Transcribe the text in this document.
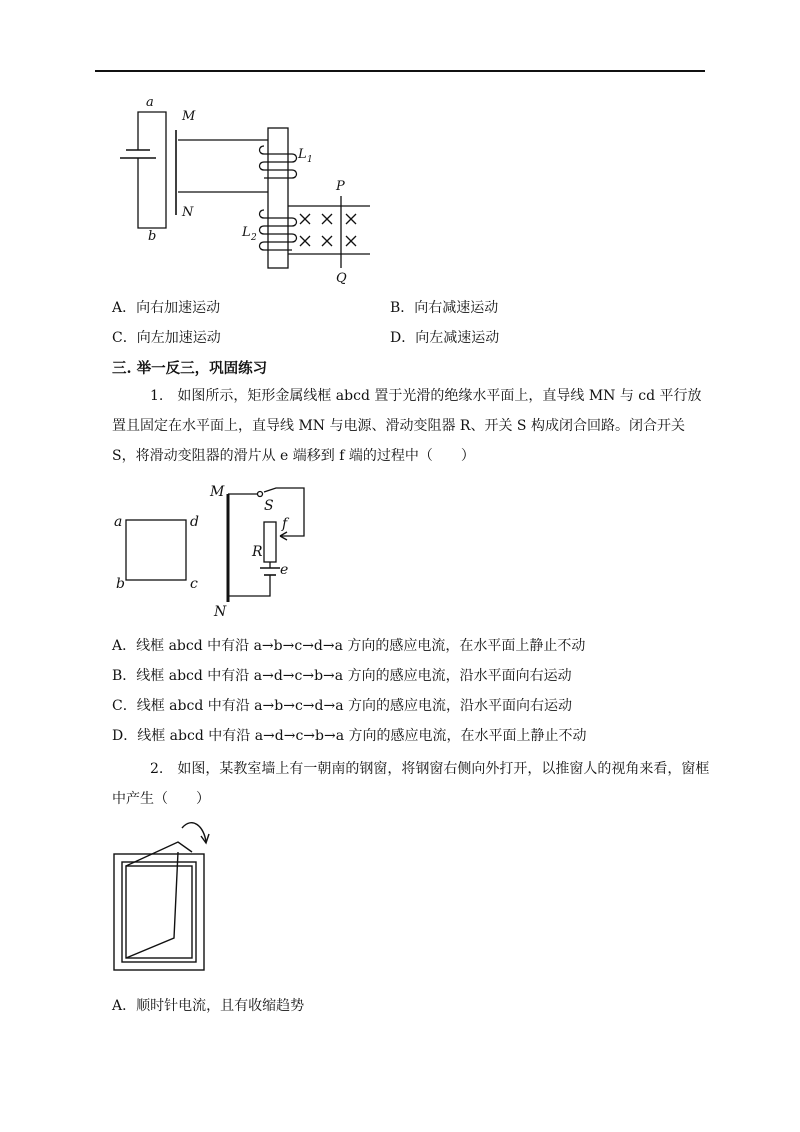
a
b
M
N
L 1
L 2
P
Q
A．向右加速运动	B．向右减速运动
C．向左加速运动	D．向左减速运动
三. 举一反三，巩固练习
1.　如图所示，矩形金属线框 abcd 置于光滑的绝缘水平面上，直导线 MN 与 cd 平行放置且固定在水平面上，直导线 MN 与电源、滑动变阻器 R、开关 S 构成闭合回路。闭合开关 S，将滑动变阻器的滑片从 e 端移到 f 端的过程中（　　）
a
b	c
d
M
N
S
R
f
e
A．线框 abcd 中有沿 a→b→c→d→a 方向的感应电流，在水平面上静止不动
B．线框 abcd 中有沿 a→d→c→b→a 方向的感应电流，沿水平面向右运动
C．线框 abcd 中有沿 a→b→c→d→a 方向的感应电流，沿水平面向右运动
D．线框 abcd 中有沿 a→d→c→b→a 方向的感应电流，在水平面上静止不动
2.　如图，某教室墙上有一朝南的钢窗，将钢窗右侧向外打开，以推窗人的视角来看，窗框中产生（　　）
A．顺时针电流，且有收缩趋势
